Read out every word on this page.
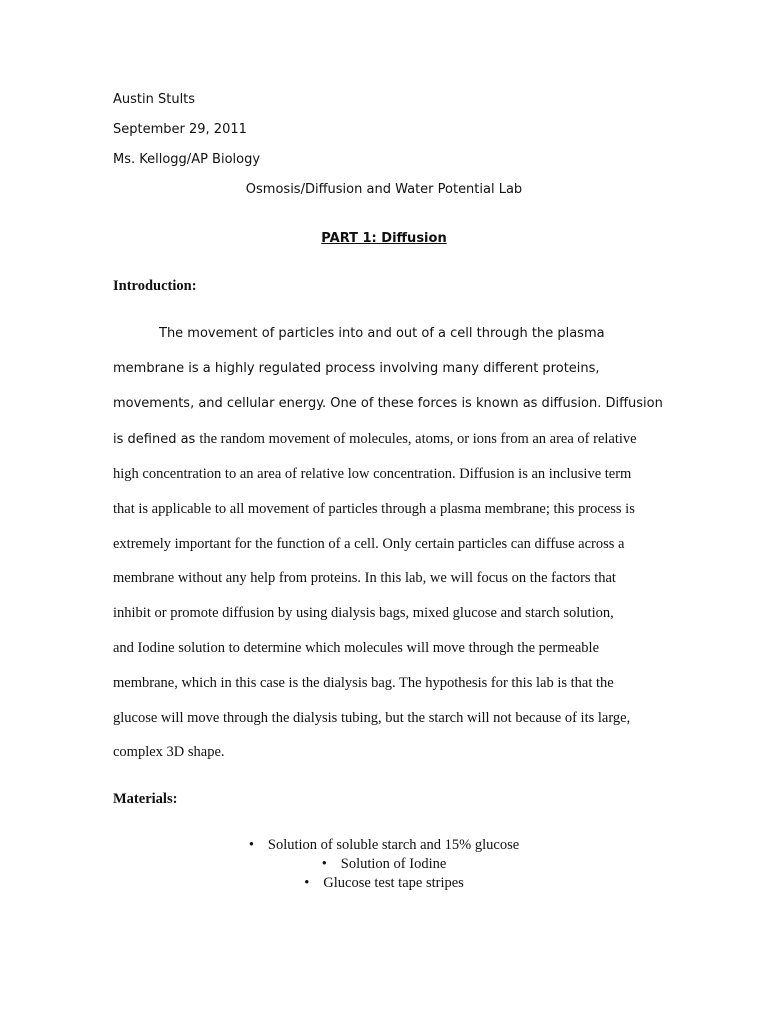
Austin Stults
September 29, 2011
Ms. Kellogg/AP Biology
Osmosis/Diffusion and Water Potential Lab
PART 1: Diffusion
Introduction:
The movement of particles into and out of a cell through the plasma
membrane is a highly regulated process involving many different proteins,
movements, and cellular energy. One of these forces is known as diffusion. Diffusion
is defined as the random movement of molecules, atoms, or ions from an area of relative
high concentration to an area of relative low concentration. Diffusion is an inclusive term
that is applicable to all movement of particles through a plasma membrane; this process is
extremely important for the function of a cell. Only certain particles can diffuse across a
membrane without any help from proteins. In this lab, we will focus on the factors that
inhibit or promote diffusion by using dialysis bags, mixed glucose and starch solution,
and Iodine solution to determine which molecules will move through the permeable
membrane, which in this case is the dialysis bag. The hypothesis for this lab is that the
glucose will move through the dialysis tubing, but the starch will not because of its large,
complex 3D shape.
Materials:
• Solution of soluble starch and 15% glucose
• Solution of Iodine
• Glucose test tape stripes
